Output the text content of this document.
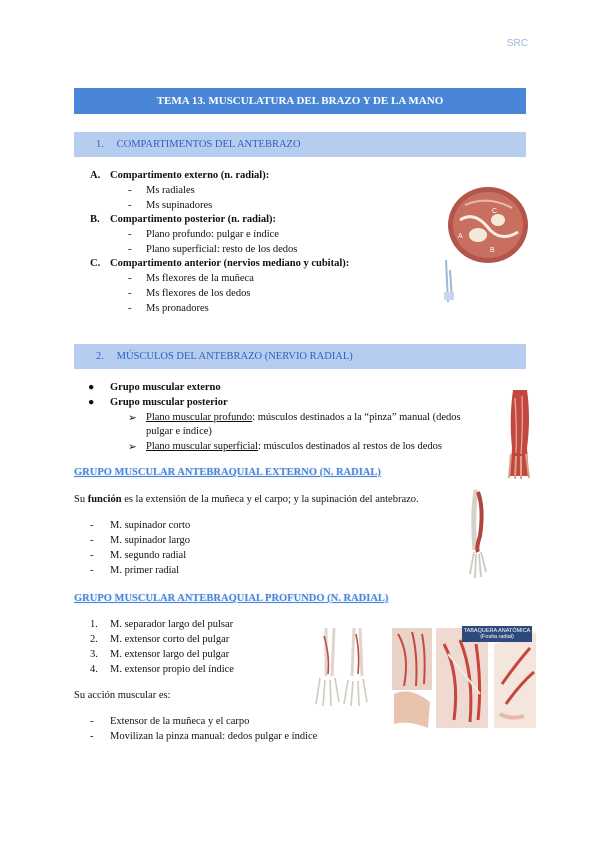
SRC
TEMA 13. MUSCULATURA DEL BRAZO Y DE LA MANO
1. COMPARTIMENTOS DEL ANTEBRAZO
A. Compartimento externo (n. radial):
- Ms radiales
- Ms supinadores
B. Compartimento posterior (n. radial):
- Plano profundo: pulgar e índice
- Plano superficial: resto de los dedos
C. Compartimento anterior (nervios mediano y cubital):
- Ms flexores de la muñeca
- Ms flexores de los dedos
- Ms pronadores
C
A
B
2. MÚSCULOS DEL ANTEBRAZO (NERVIO RADIAL)
● Grupo muscular externo
● Grupo muscular posterior
➢ Plano muscular profundo: músculos destinados a la “pinza” manual (dedos
pulgar e índice)
➢ Plano muscular superficial: músculos destinados al restos de los dedos
GRUPO MUSCULAR ANTEBRAQUIAL EXTERNO (N. RADIAL)
Su función es la extensión de la muñeca y el carpo; y la supinación del antebrazo.
- M. supinador corto
- M. supinador largo
- M. segundo radial
- M. primer radial
GRUPO MUSCULAR ANTEBRAQUIAL PROFUNDO (N. RADIAL)
1. M. separador largo del pulsar
2. M. extensor corto del pulgar
3. M. extensor largo del pulgar
4. M. extensor propio del índice
Su acción muscular es:
- Extensor de la muñeca y el carpo
- Movilizan la pinza manual: dedos pulgar e índice
TABAQUERA ANATÓMICA
(Fosita radial)
